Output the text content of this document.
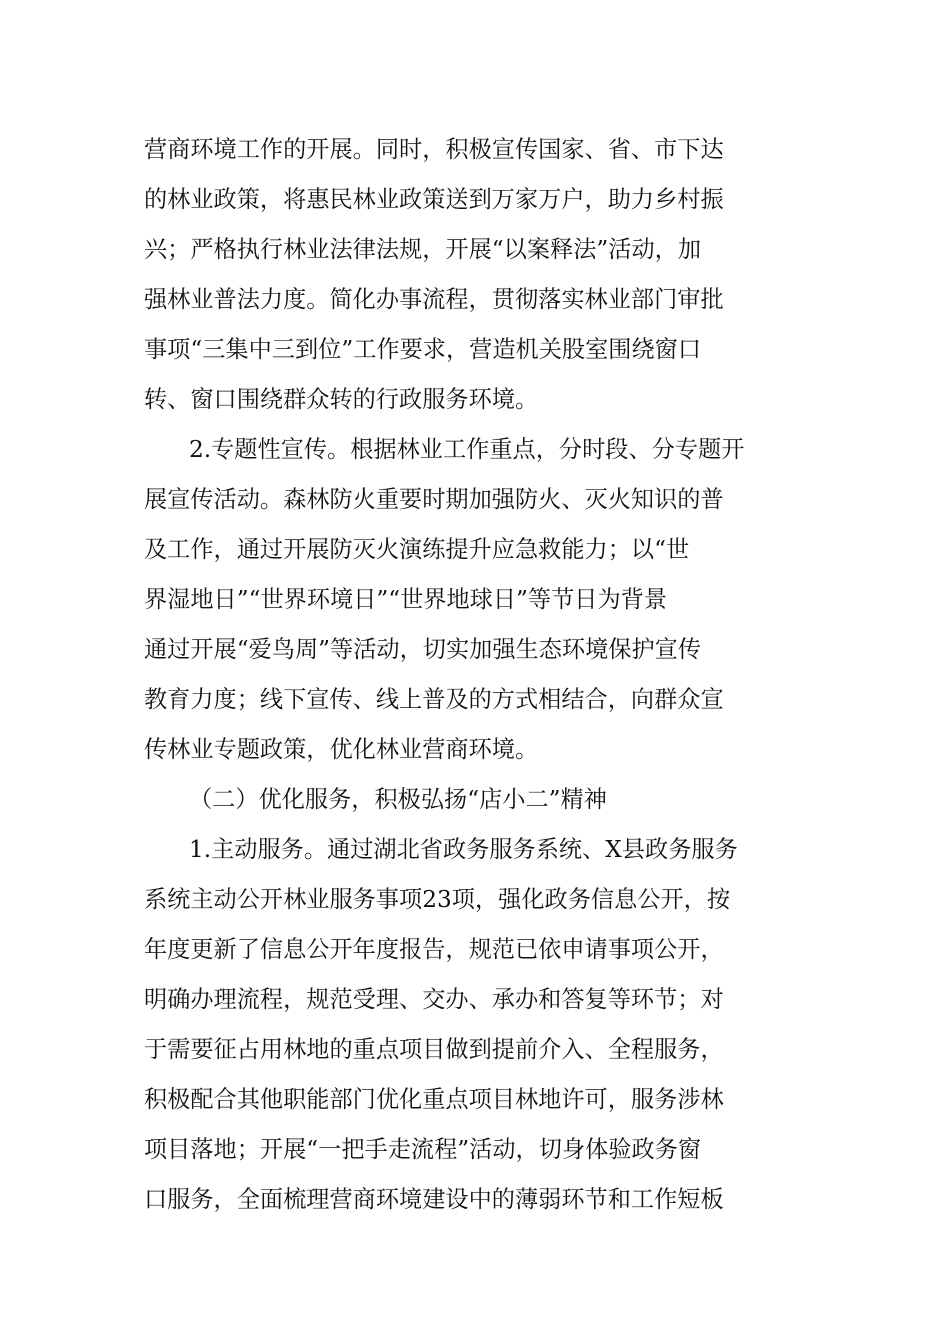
营商环境工作的开展。同时，积极宣传国家、省、市下达
的林业政策，将惠民林业政策送到万家万户，助力乡村振
兴；严格执行林业法律法规，开展“以案释法”活动，加
强林业普法力度。简化办事流程，贯彻落实林业部门审批
事项“三集中三到位”工作要求，营造机关股室围绕窗口
转、窗口围绕群众转的行政服务环境。
2.专题性宣传。根据林业工作重点，分时段、分专题开
展宣传活动。森林防火重要时期加强防火、灭火知识的普
及工作，通过开展防灭火演练提升应急救能力；以“世
界湿地日”“世界环境日”“世界地球日”等节日为背景
通过开展“爱鸟周”等活动，切实加强生态环境保护宣传
教育力度；线下宣传、线上普及的方式相结合，向群众宣
传林业专题政策，优化林业营商环境。
（二）优化服务，积极弘扬“店小二”精神
1.主动服务。通过湖北省政务服务系统、X县政务服务
系统主动公开林业服务事项23项，强化政务信息公开，按
年度更新了信息公开年度报告，规范已依申请事项公开，
明确办理流程，规范受理、交办、承办和答复等环节；对
于需要征占用林地的重点项目做到提前介入、全程服务，
积极配合其他职能部门优化重点项目林地许可，服务涉林
项目落地；开展“一把手走流程”活动，切身体验政务窗
口服务，全面梳理营商环境建设中的薄弱环节和工作短板
